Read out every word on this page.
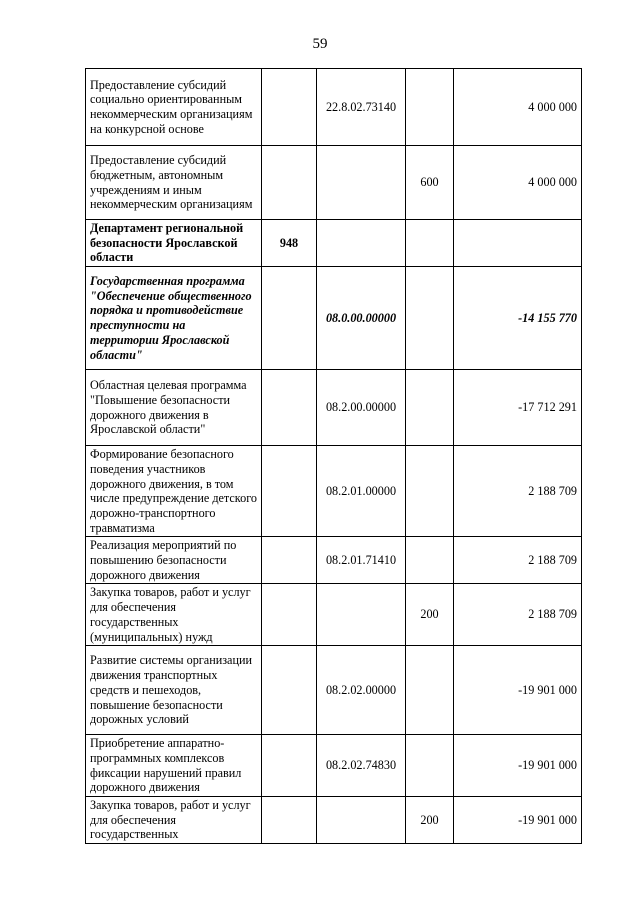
59
Предоставление субсидий социально ориентированным некоммерческим организациям на конкурсной основе		22.8.02.73140		4 000 000
Предоставление субсидий бюджетным, автономным учреждениям и иным некоммерческим организациям			600	4 000 000
Департамент региональной безопасности Ярославской области	948			
Государственная программа "Обеспечение общественного порядка и противодействие преступности на территории Ярославской области"		08.0.00.00000		-14 155 770
Областная целевая программа "Повышение безопасности дорожного движения в Ярославской области"		08.2.00.00000		-17 712 291
Формирование безопасного поведения участников дорожного движения, в том числе предупреждение детского дорожно-транспортного травматизма		08.2.01.00000		2 188 709
Реализация мероприятий по повышению безопасности дорожного движения		08.2.01.71410		2 188 709
Закупка товаров, работ и услуг для обеспечения государственных (муниципальных) нужд			200	2 188 709
Развитие системы организации движения транспортных средств и пешеходов, повышение безопасности дорожных условий		08.2.02.00000		-19 901 000
Приобретение аппаратно-программных комплексов фиксации нарушений правил дорожного движения		08.2.02.74830		-19 901 000
Закупка товаров, работ и услуг для обеспечения государственных			200	-19 901 000
